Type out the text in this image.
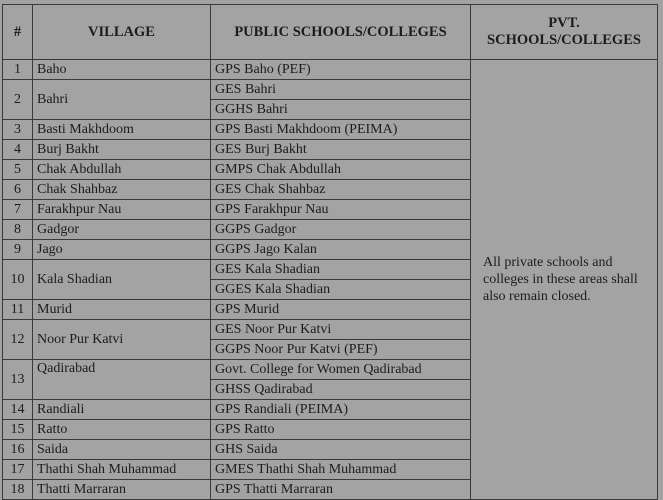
#	VILLAGE	PUBLIC SCHOOLS/COLLEGES	PVT. SCHOOLS/COLLEGES
1	Baho	GPS Baho (PEF)	All private schools and colleges in these areas shall also remain closed.
2	Bahri	GES Bahri	
		GGHS Bahri	
3	Basti Makhdoom	GPS Basti Makhdoom (PEIMA)	
4	Burj Bakht	GES Burj Bakht	
5	Chak Abdullah	GMPS Chak Abdullah	
6	Chak Shahbaz	GES Chak Shahbaz	
7	Farakhpur Nau	GPS Farakhpur Nau	
8	Gadgor	GGPS Gadgor	
9	Jago	GGPS Jago Kalan	
10	Kala Shadian	GES Kala Shadian	
		GGES Kala Shadian	
11	Murid	GPS Murid	
12	Noor Pur Katvi	GES Noor Pur Katvi	
		GGPS Noor Pur Katvi (PEF)	
13	Qadirabad	Govt. College for Women Qadirabad	
		GHSS Qadirabad	
14	Randiali	GPS Randiali (PEIMA)	
15	Ratto	GPS Ratto	
16	Saida	GHS Saida	
17	Thathi Shah Muhammad	GMES Thathi Shah Muhammad	
18	Thatti Marraran	GPS Thatti Marraran	
